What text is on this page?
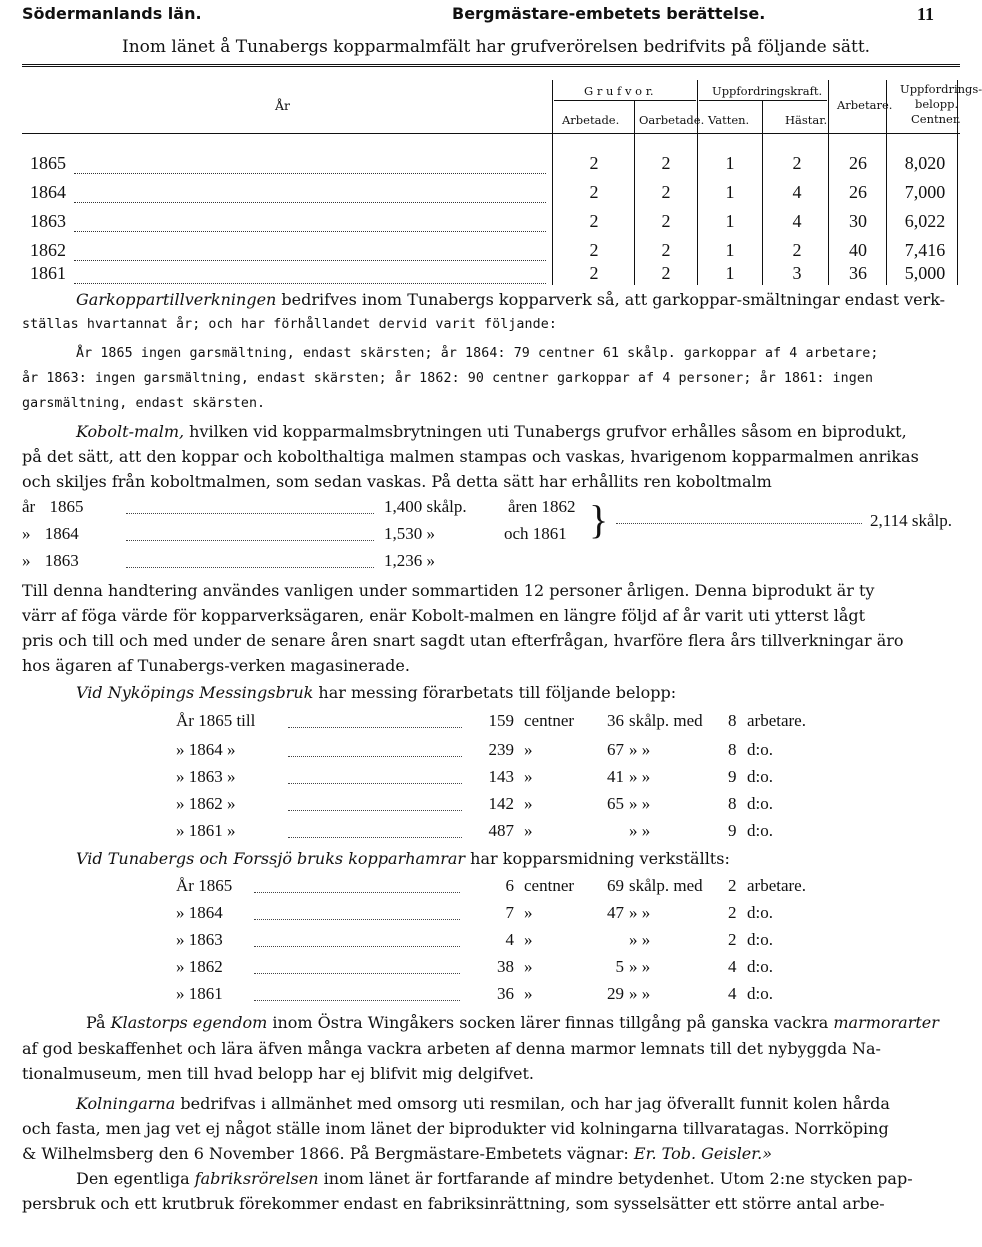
Södermanlands län.	Bergmästare-embetets berättelse.	11
Inom länet å Tunabergs kopparmalmfält har grufverörelsen bedrifvits på följande sätt.
År
G r u f v o r.
Arbetade. Oarbetade.
Uppfordringskraft.
Vatten.	Hästar.
Arbetare.
Uppfordrings-
belopp.
Centner.
1865	2	2	1	2	26	8,020
1864	2	2	1	4	26	7,000
1863	2	2	1	4	30	6,022
1862	2	2	1	2	40	7,416
1861	2	2	1	3	36	5,000
Garkoppartillverkningen bedrifves inom Tunabergs kopparverk så, att garkoppar-smältningar endast verk-
ställas hvartannat år; och har förhållandet dervid varit följande:
År 1865 ingen garsmältning, endast skärsten; år 1864: 79 centner 61 skålp. garkoppar af 4 arbetare;
år 1863: ingen garsmältning, endast skärsten; år 1862: 90 centner garkoppar af 4 personer; år 1861: ingen
garsmältning, endast skärsten.
Kobolt-malm, hvilken vid kopparmalmsbrytningen uti Tunabergs grufvor erhålles såsom en biprodukt,
på det sätt, att den koppar och kobolthaltiga malmen stampas och vaskas, hvarigenom kopparmalmen anrikas
och skiljes från koboltmalmen, som sedan vaskas. På detta sätt har erhållits ren koboltmalm
år 1865	1,400 skålp.
» 1864	1,530 »
» 1863	1,236 »
åren 1862
och 1861 }	2,114 skålp.
Till denna handtering användes vanligen under sommartiden 12 personer årligen. Denna biprodukt är ty
värr af föga värde för kopparverksägaren, enär Kobolt-malmen en längre följd af år varit uti ytterst lågt
pris och till och med under de senare åren snart sagdt utan efterfrågan, hvarföre flera års tillverkningar äro
hos ägaren af Tunabergs-verken magasinerade.
Vid Nyköpings Messingsbruk har messing förarbetats till följande belopp:
År 1865 till	159 centner	36 skålp. med 8 arbetare.
» 1864 »	239 »	67 » »	8 d:o.
» 1863 »	143 »	41 » »	9 d:o.
» 1862 »	142 »	65 » »	8 d:o.
» 1861 »	487 »	» »	9 d:o.
Vid Tunabergs och Forssjö bruks kopparhamrar har kopparsmidning verkställts:
År 1865	6 centner	69 skålp. med 2 arbetare.
» 1864	7 »	47 » »	2 d:o.
» 1863	4 »	» »	2 d:o.
» 1862	38 »	5 » »	4 d:o.
» 1861	36 »	29 » »	4 d:o.
På Klastorps egendom inom Östra Wingåkers socken lärer finnas tillgång på ganska vackra marmorarter
af god beskaffenhet och lära äfven många vackra arbeten af denna marmor lemnats till det nybyggda Na-
tionalmuseum, men till hvad belopp har ej blifvit mig delgifvet.
Kolningarna bedrifvas i allmänhet med omsorg uti resmilan, och har jag öfverallt funnit kolen hårda
och fasta, men jag vet ej något ställe inom länet der biprodukter vid kolningarna tillvaratagas. Norrköping
& Wilhelmsberg den 6 November 1866. På Bergmästare-Embetets vägnar: Er. Tob. Geisler.»
Den egentliga fabriksrörelsen inom länet är fortfarande af mindre betydenhet. Utom 2:ne stycken pap-
persbruk och ett krutbruk förekommer endast en fabriksinrättning, som sysselsätter ett större antal arbe-
